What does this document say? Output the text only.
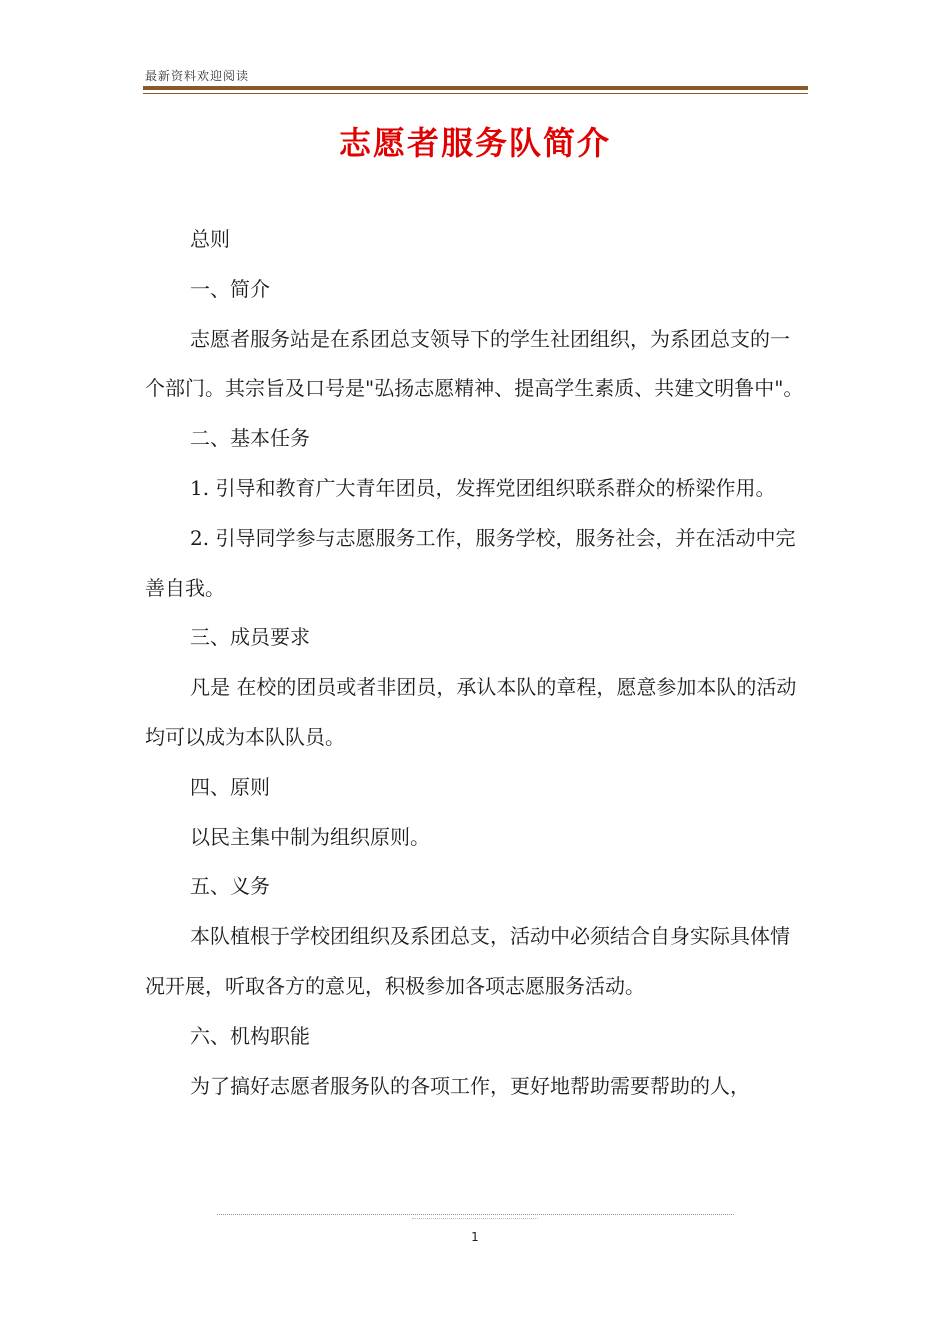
最新资料欢迎阅读
志愿者服务队简介

总则

一、简介

志愿者服务站是在系团总支领导下的学生社团组织，为系团总支的一个部门。其宗旨及口号是"弘扬志愿精神、提高学生素质、共建文明鲁中"。

二、基本任务

1. 引导和教育广大青年团员，发挥党团组织联系群众的桥梁作用。

2. 引导同学参与志愿服务工作，服务学校，服务社会，并在活动中完善自我。

三、成员要求

凡是 在校的团员或者非团员，承认本队的章程，愿意参加本队的活动均可以成为本队队员。

四、原则

以民主集中制为组织原则。

五、义务

本队植根于学校团组织及系团总支，活动中必须结合自身实际具体情况开展，听取各方的意见，积极参加各项志愿服务活动。

六、机构职能

为了搞好志愿者服务队的各项工作，更好地帮助需要帮助的人，

1
